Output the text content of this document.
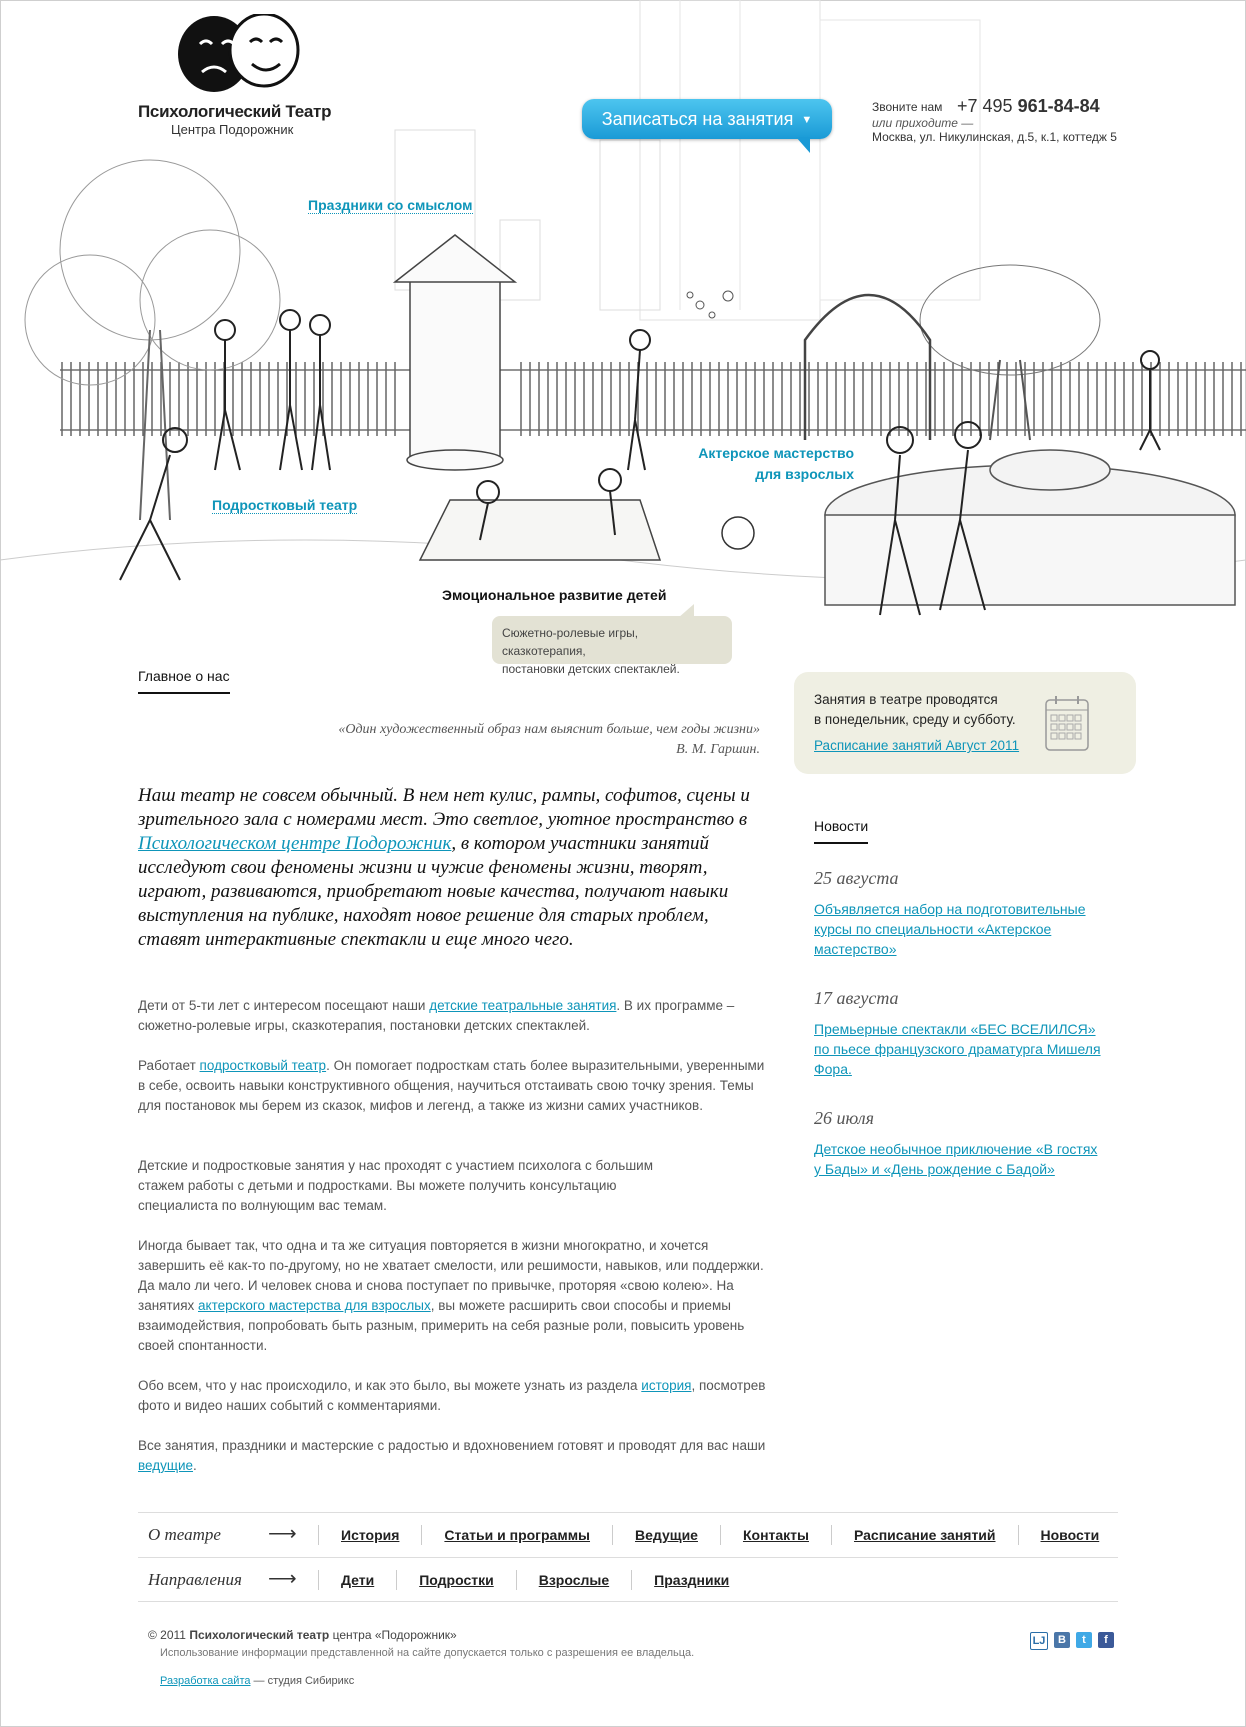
Психологический Театр
Центра Подорожник
Записаться на занятия ▼
Звоните нам +7 495 961-84-84
или приходите —
Москва, ул. Никулинская, д.5, к.1, коттедж 5
Праздники со смыслом
Подростковый театр
Актерское мастерство
для взрослых
Эмоциональное развитие детей
Сюжетно-ролевые игры, сказкотерапия,
постановки детских спектаклей.
Главное о нас
«Один художественный образ нам выяснит больше, чем годы жизни»
В. М. Гаршин.
Наш театр не совсем обычный. В нем нет кулис, рампы, софитов, сцены и зрительного зала с номерами мест. Это светлое, уютное пространство в Психологическом центре Подорожник, в котором участники занятий исследуют свои феномены жизни и чужие феномены жизни, творят, играют, развиваются, приобретают новые качества, получают навыки выступления на публике, находят новое решение для старых проблем, ставят интерактивные спектакли и еще много чего.
Дети от 5-ти лет с интересом посещают наши детские театральные занятия. В их программе – сюжетно-ролевые игры, сказкотерапия, постановки детских спектаклей.
Работает подростковый театр. Он помогает подросткам стать более выразительными, уверенными в себе, освоить навыки конструктивного общения, научиться отстаивать свою точку зрения. Темы для постановок мы берем из сказок, мифов и легенд, а также из жизни самих участников.
Детские и подростковые занятия у нас проходят с участием психолога с большим стажем работы с детьми и подростками. Вы можете получить консультацию специалиста по волнующим вас темам.
Иногда бывает так, что одна и та же ситуация повторяется в жизни многократно, и хочется завершить её как-то по-другому, но не хватает смелости, или решимости, навыков, или поддержки. Да мало ли чего. И человек снова и снова поступает по привычке, проторяя «свою колею». На занятиях актерского мастерства для взрослых, вы можете расширить свои способы и приемы взаимодействия, попробовать быть разным, примерить на себя разные роли, повысить уровень своей спонтанности.
Обо всем, что у нас происходило, и как это было, вы можете узнать из раздела история, посмотрев фото и видео наших событий с комментариями.
Все занятия, праздники и мастерские с радостью и вдохновением готовят и проводят для вас наши ведущие.
Занятия в театре проводятся
в понедельник, среду и субботу.
Расписание занятий Август 2011
Новости
25 августа
Объявляется набор на подготовительные курсы по специальности «Актерское мастерство»
17 августа
Премьерные спектакли «БЕС ВСЕЛИЛСЯ» по пьесе французского драматурга Мишеля Фора.
26 июля
Детское необычное приключение «В гостях у Бады» и «День рождение с Бадой»
О театре ⟶	История	Статьи и программы	Ведущие	Контакты	Расписание занятий	Новости
Направления ⟶	Дети	Подростки	Взрослые	Праздники
© 2011 Психологический театр центра «Подорожник»
Использование информации представленной на сайте допускается только с разрешения ее владельца.
Разработка сайта — студия Сибирикс
LJ	В	t	f
